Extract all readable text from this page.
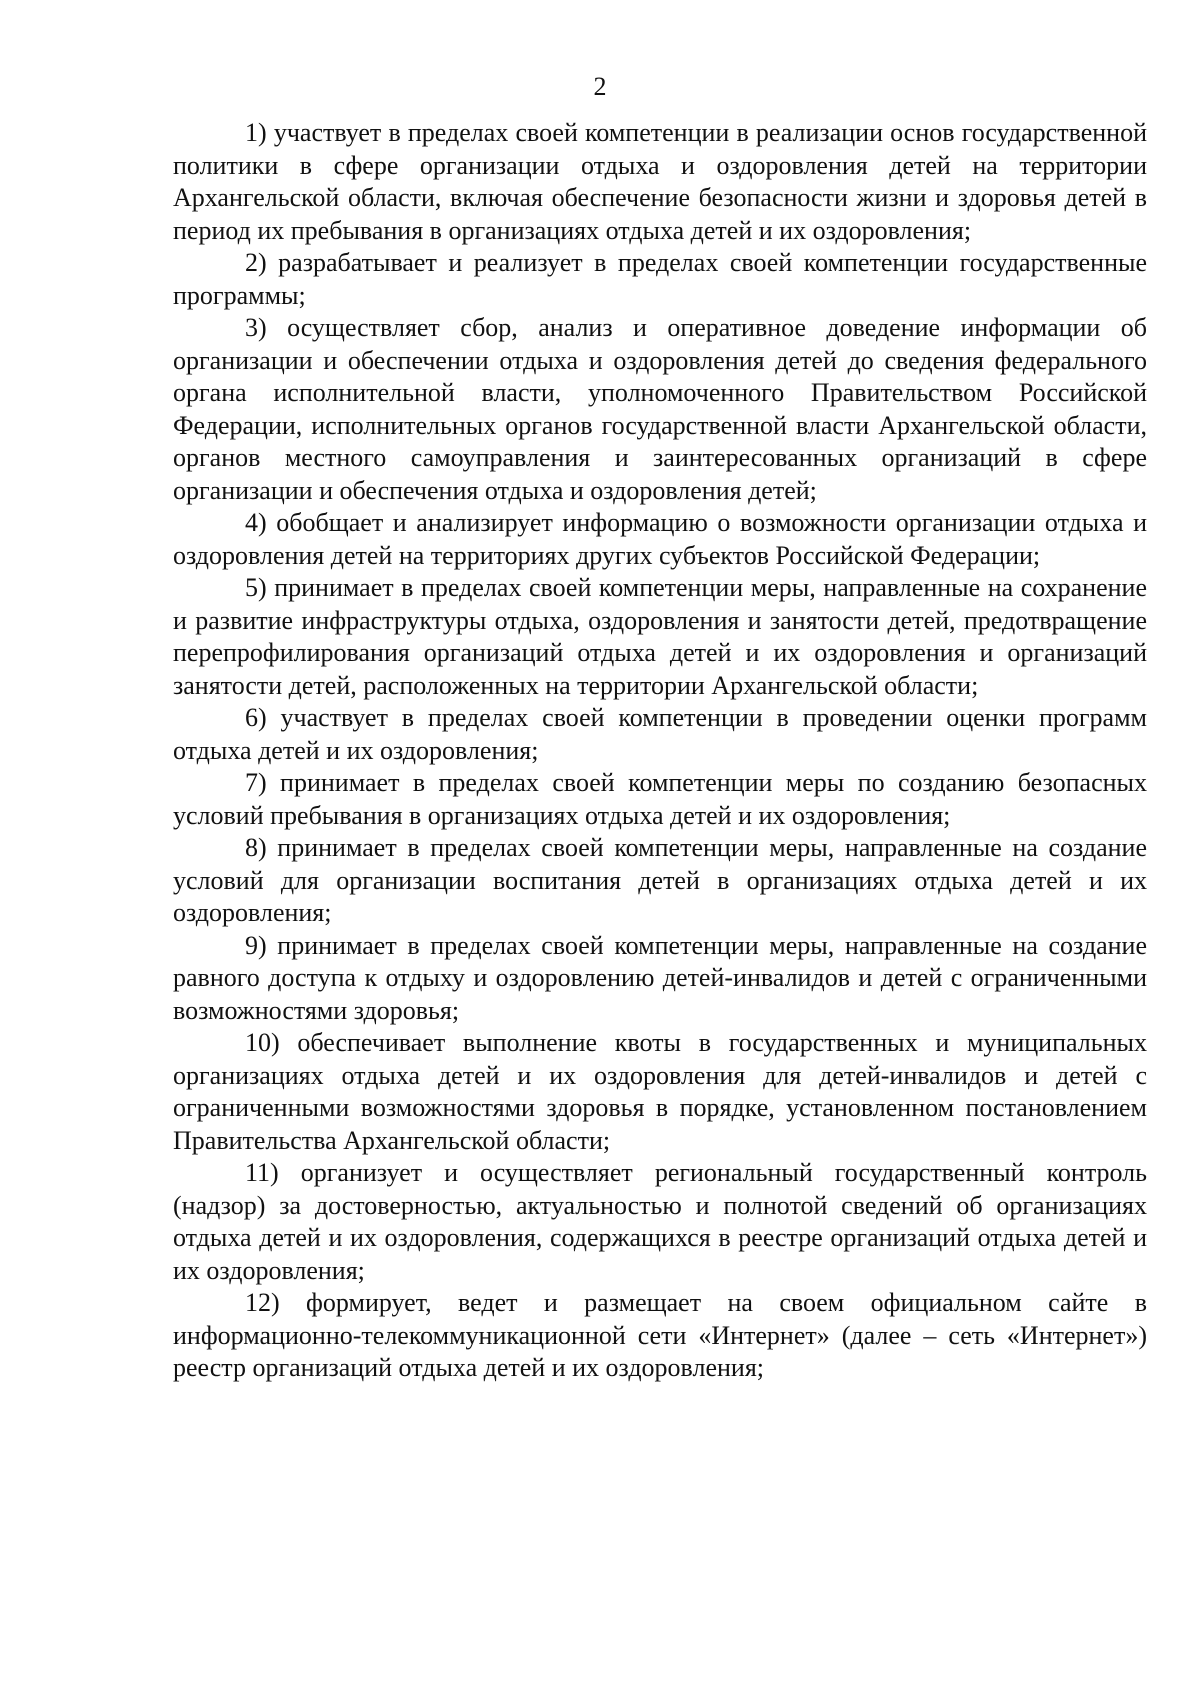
2

1) участвует в пределах своей компетенции в реализации основ государственной политики в сфере организации отдыха и оздоровления детей на территории Архангельской области, включая обеспечение безопасности жизни и здоровья детей в период их пребывания в организациях отдыха детей и их оздоровления;

2) разрабатывает и реализует в пределах своей компетенции государственные программы;

3) осуществляет сбор, анализ и оперативное доведение информации об организации и обеспечении отдыха и оздоровления детей до сведения федерального органа исполнительной власти, уполномоченного Правительством Российской Федерации, исполнительных органов государственной власти Архангельской области, органов местного самоуправления и заинтересованных организаций в сфере организации и обеспечения отдыха и оздоровления детей;

4) обобщает и анализирует информацию о возможности организации отдыха и оздоровления детей на территориях других субъектов Российской Федерации;

5) принимает в пределах своей компетенции меры, направленные на сохранение и развитие инфраструктуры отдыха, оздоровления и занятости детей, предотвращение перепрофилирования организаций отдыха детей и их оздоровления и организаций занятости детей, расположенных на территории Архангельской области;

6) участвует в пределах своей компетенции в проведении оценки программ отдыха детей и их оздоровления;

7) принимает в пределах своей компетенции меры по созданию безопасных условий пребывания в организациях отдыха детей и их оздоровления;

8) принимает в пределах своей компетенции меры, направленные на создание условий для организации воспитания детей в организациях отдыха детей и их оздоровления;

9) принимает в пределах своей компетенции меры, направленные на создание равного доступа к отдыху и оздоровлению детей-инвалидов и детей с ограниченными возможностями здоровья;

10) обеспечивает выполнение квоты в государственных и муниципальных организациях отдыха детей и их оздоровления для детей-инвалидов и детей с ограниченными возможностями здоровья в порядке, установленном постановлением Правительства Архангельской области;

11) организует и осуществляет региональный государственный контроль (надзор) за достоверностью, актуальностью и полнотой сведений об организациях отдыха детей и их оздоровления, содержащихся в реестре организаций отдыха детей и их оздоровления;

12) формирует, ведет и размещает на своем официальном сайте в информационно-телекоммуникационной сети «Интернет» (далее – сеть «Интернет») реестр организаций отдыха детей и их оздоровления;
